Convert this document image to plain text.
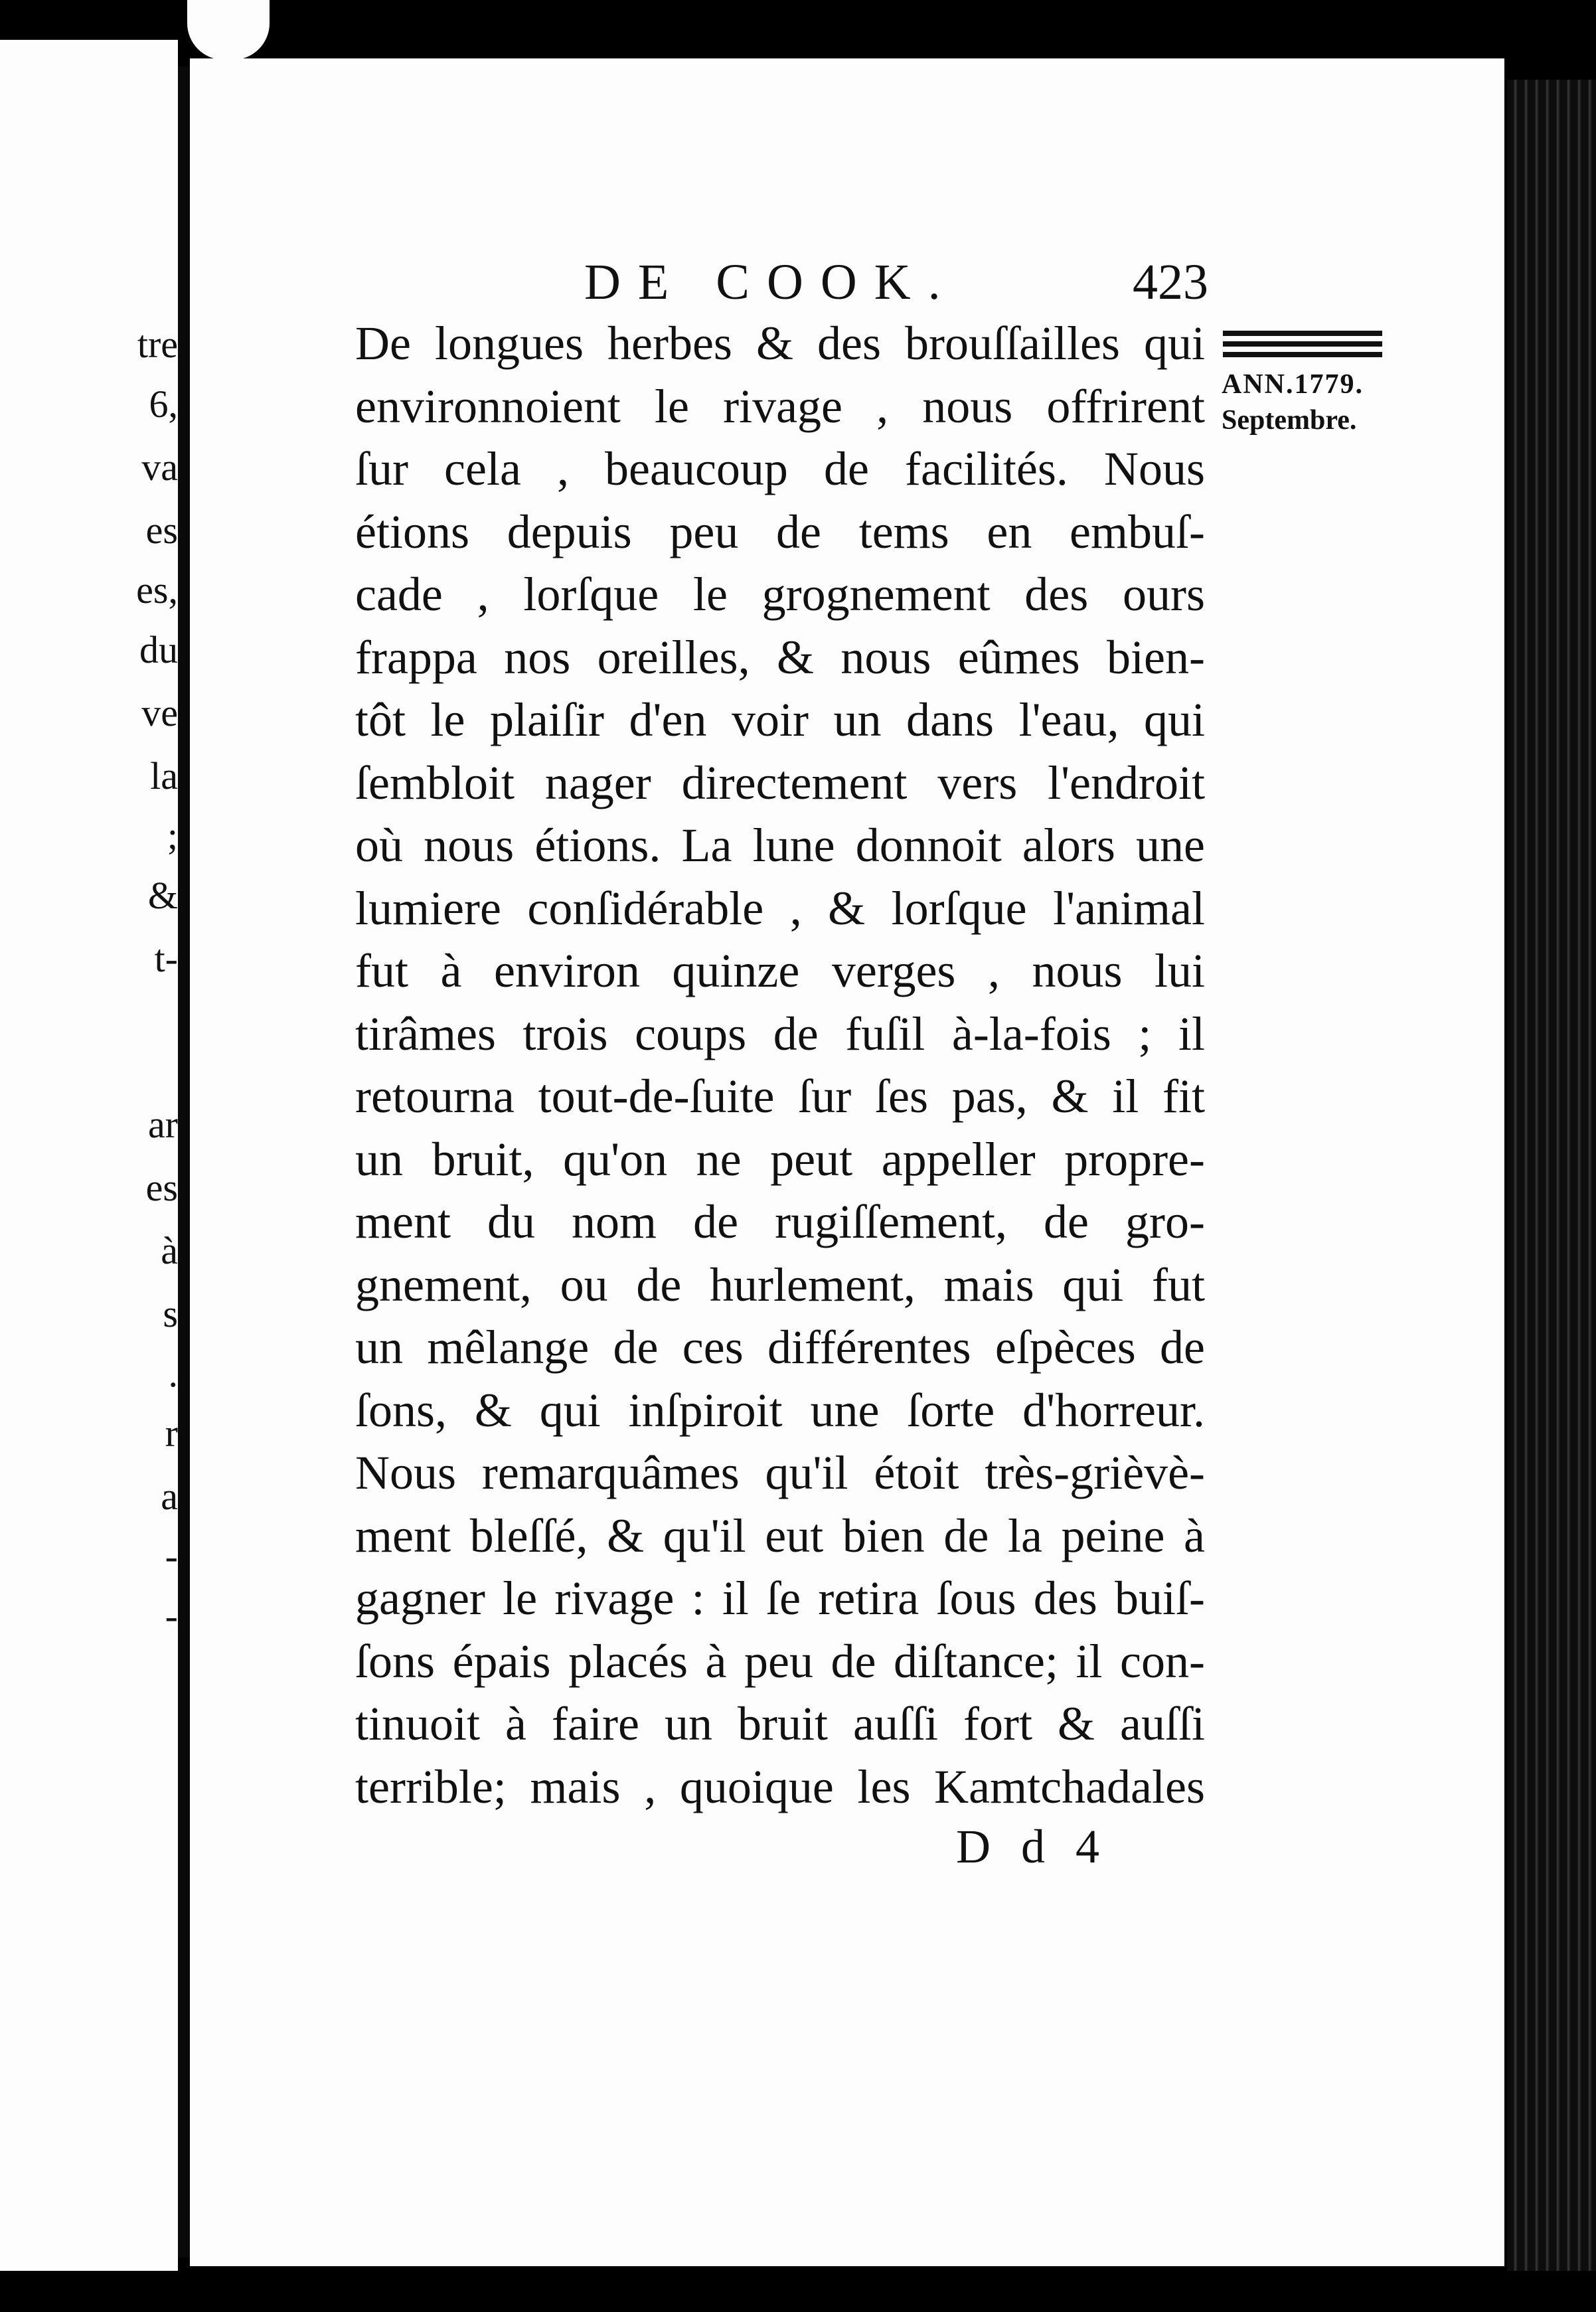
tre

6,

va

es

es,

du

ve

la

;

&

t-

ar

es

à

s

.

r

a

-

-

DE COOK.	423

ANN.1779.

Septembre.

De longues herbes & des brouſſailles qui
environnoient le rivage , nous offrirent
ſur cela , beaucoup de facilités. Nous
étions depuis peu de tems en embuſ-
cade , lorſque le grognement des ours
frappa nos oreilles, & nous eûmes bien-
tôt le plaiſir d'en voir un dans l'eau, qui
ſembloit nager directement vers l'endroit
où nous étions. La lune donnoit alors une
lumiere conſidérable , & lorſque l'animal
fut à environ quinze verges , nous lui
tirâmes trois coups de fuſil à-la-fois ; il
retourna tout-de-ſuite ſur ſes pas, & il fit
un bruit, qu'on ne peut appeller propre-
ment du nom de rugiſſement, de gro-
gnement, ou de hurlement, mais qui fut
un mêlange de ces différentes eſpèces de
ſons, & qui inſpiroit une ſorte d'horreur.
Nous remarquâmes qu'il étoit très-grièvè-
ment bleſſé, & qu'il eut bien de la peine à
gagner le rivage : il ſe retira ſous des buiſ-
ſons épais placés à peu de diſtance; il con-
tinuoit à faire un bruit auſſi fort & auſſi
terrible; mais , quoique les Kamtchadales
D d 4
